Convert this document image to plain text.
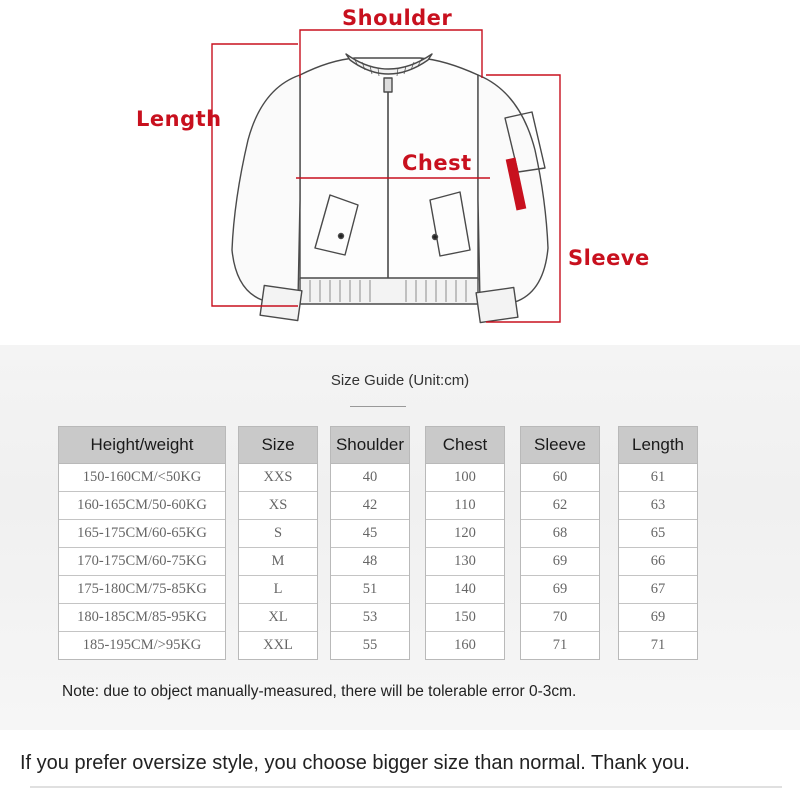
Shoulder
Length
Chest
Sleeve
Size Guide (Unit:cm)
Height/weight
150-160CM/<50KG
160-165CM/50-60KG
165-175CM/60-65KG
170-175CM/60-75KG
175-180CM/75-85KG
180-185CM/85-95KG
185-195CM/>95KG
Size
XXS
XS
S
M
L
XL
XXL
Shoulder
40
42
45
48
51
53
55
Chest
100
110
120
130
140
150
160
Sleeve
60
62
68
69
69
70
71
Length
61
63
65
66
67
69
71
Note: due to object manually-measured, there will be tolerable error 0-3cm.
If you prefer oversize style, you choose bigger size than normal. Thank you.
